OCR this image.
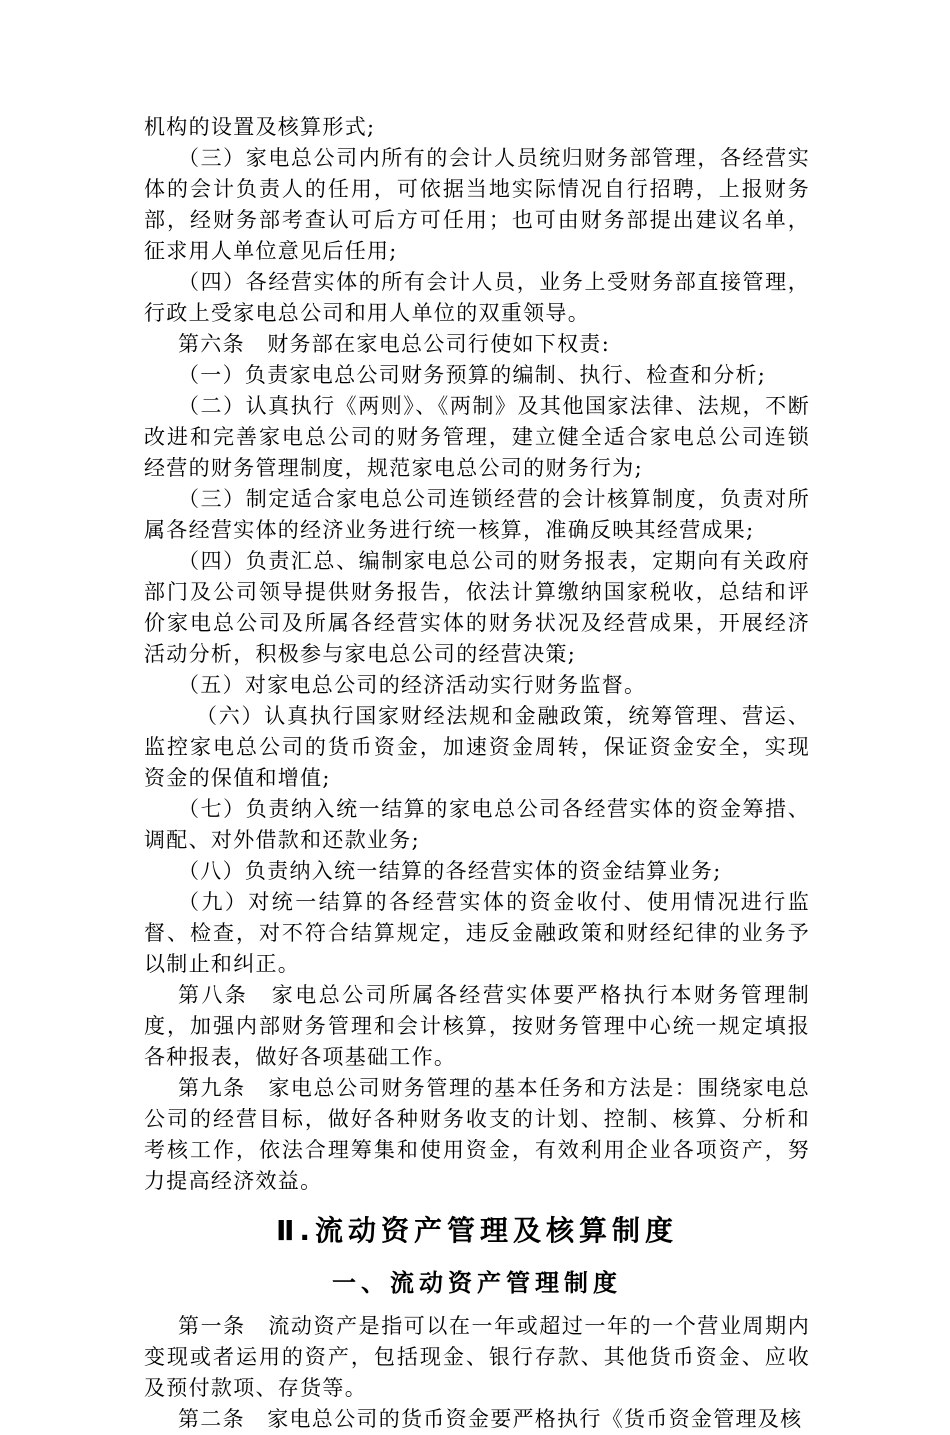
机构的设置及核算形式;

（三）家电总公司内所有的会计人员统归财务部管理，各经营实体的会计负责人的任用，可依据当地实际情况自行招聘，上报财务部，经财务部考查认可后方可任用；也可由财务部提出建议名单，征求用人单位意见后任用;

（四）各经营实体的所有会计人员，业务上受财务部直接管理，行政上受家电总公司和用人单位的双重领导。

第六条　财务部在家电总公司行使如下权责:

（一）负责家电总公司财务预算的编制、执行、检查和分析;

（二）认真执行《两则》、《两制》及其他国家法律、法规，不断改进和完善家电总公司的财务管理，建立健全适合家电总公司连锁经营的财务管理制度，规范家电总公司的财务行为;

（三）制定适合家电总公司连锁经营的会计核算制度，负责对所属各经营实体的经济业务进行统一核算，准确反映其经营成果;

（四）负责汇总、编制家电总公司的财务报表，定期向有关政府部门及公司领导提供财务报告，依法计算缴纳国家税收，总结和评价家电总公司及所属各经营实体的财务状况及经营成果，开展经济活动分析，积极参与家电总公司的经营决策;

（五）对家电总公司的经济活动实行财务监督。

（六）认真执行国家财经法规和金融政策，统筹管理、营运、监控家电总公司的货币资金，加速资金周转，保证资金安全，实现资金的保值和增值;

（七）负责纳入统一结算的家电总公司各经营实体的资金筹措、调配、对外借款和还款业务;

（八）负责纳入统一结算的各经营实体的资金结算业务;

（九）对统一结算的各经营实体的资金收付、使用情况进行监督、检查，对不符合结算规定，违反金融政策和财经纪律的业务予以制止和纠正。

第八条　家电总公司所属各经营实体要严格执行本财务管理制度，加强内部财务管理和会计核算，按财务管理中心统一规定填报各种报表，做好各项基础工作。

第九条　家电总公司财务管理的基本任务和方法是：围绕家电总公司的经营目标，做好各种财务收支的计划、控制、核算、分析和考核工作，依法合理筹集和使用资金，有效利用企业各项资产，努力提高经济效益。

Ⅱ.流动资产管理及核算制度
一、流动资产管理制度

第一条　流动资产是指可以在一年或超过一年的一个营业周期内变现或者运用的资产，包括现金、银行存款、其他货币资金、应收及预付款项、存货等。

第二条　家电总公司的货币资金要严格执行《货币资金管理及核
